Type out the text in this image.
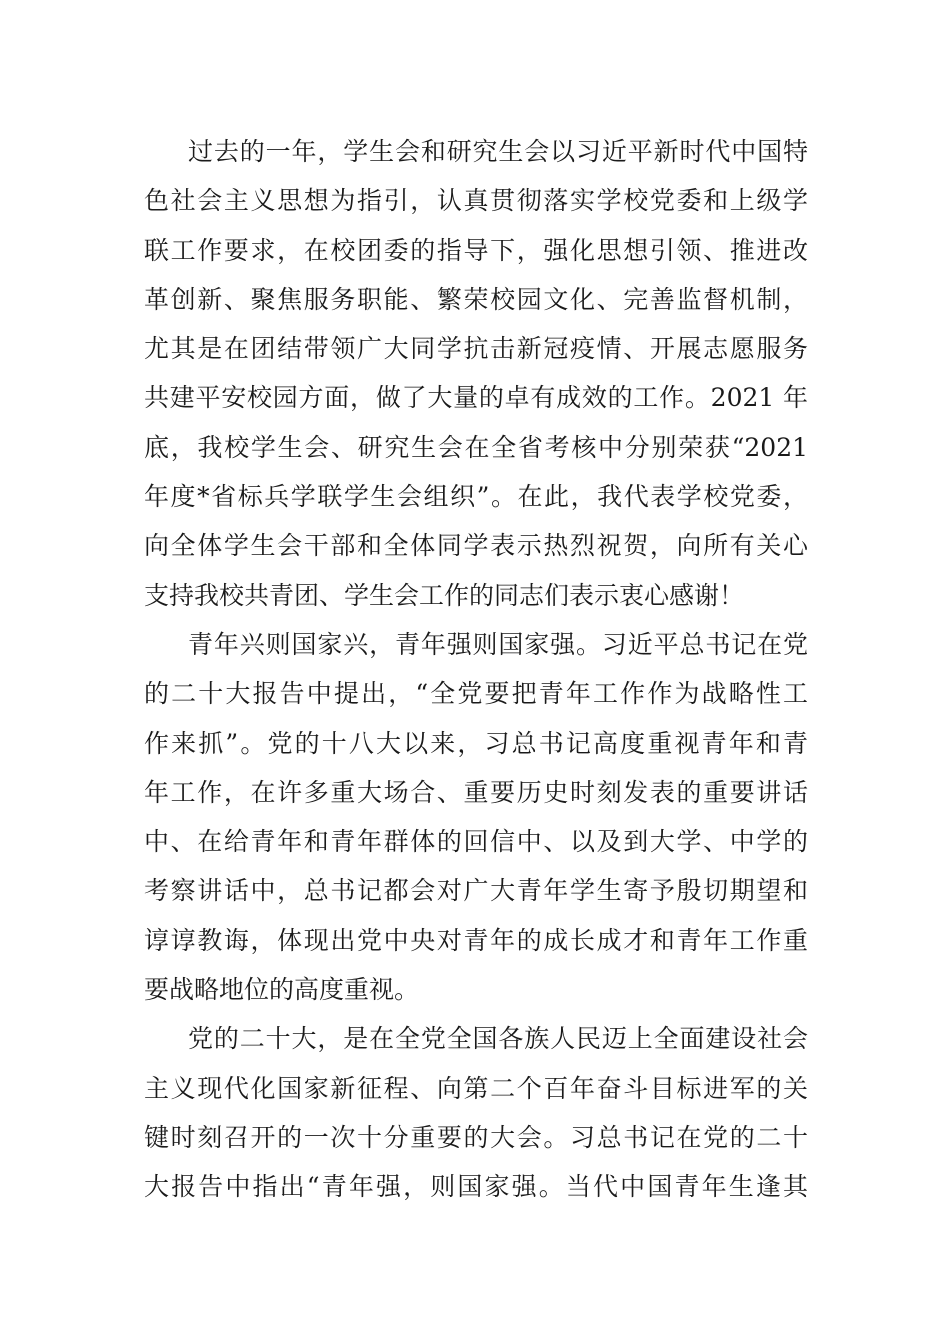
过去的一年，学生会和研究生会以习近平新时代中国特
色社会主义思想为指引，认真贯彻落实学校党委和上级学
联工作要求，在校团委的指导下，强化思想引领、推进改
革创新、聚焦服务职能、繁荣校园文化、完善监督机制，
尤其是在团结带领广大同学抗击新冠疫情、开展志愿服务
共建平安校园方面，做了大量的卓有成效的工作。2021 年
底，我校学生会、研究生会在全省考核中分别荣获“2021
年度*省标兵学联学生会组织”。在此，我代表学校党委，
向全体学生会干部和全体同学表示热烈祝贺，向所有关心
支持我校共青团、学生会工作的同志们表示衷心感谢！
青年兴则国家兴，青年强则国家强。习近平总书记在党
的二十大报告中提出，“全党要把青年工作作为战略性工
作来抓”。党的十八大以来，习总书记高度重视青年和青
年工作，在许多重大场合、重要历史时刻发表的重要讲话
中、在给青年和青年群体的回信中、以及到大学、中学的
考察讲话中，总书记都会对广大青年学生寄予殷切期望和
谆谆教诲，体现出党中央对青年的成长成才和青年工作重
要战略地位的高度重视。
党的二十大，是在全党全国各族人民迈上全面建设社会
主义现代化国家新征程、向第二个百年奋斗目标进军的关
键时刻召开的一次十分重要的大会。习总书记在党的二十
大报告中指出“青年强，则国家强。当代中国青年生逢其
